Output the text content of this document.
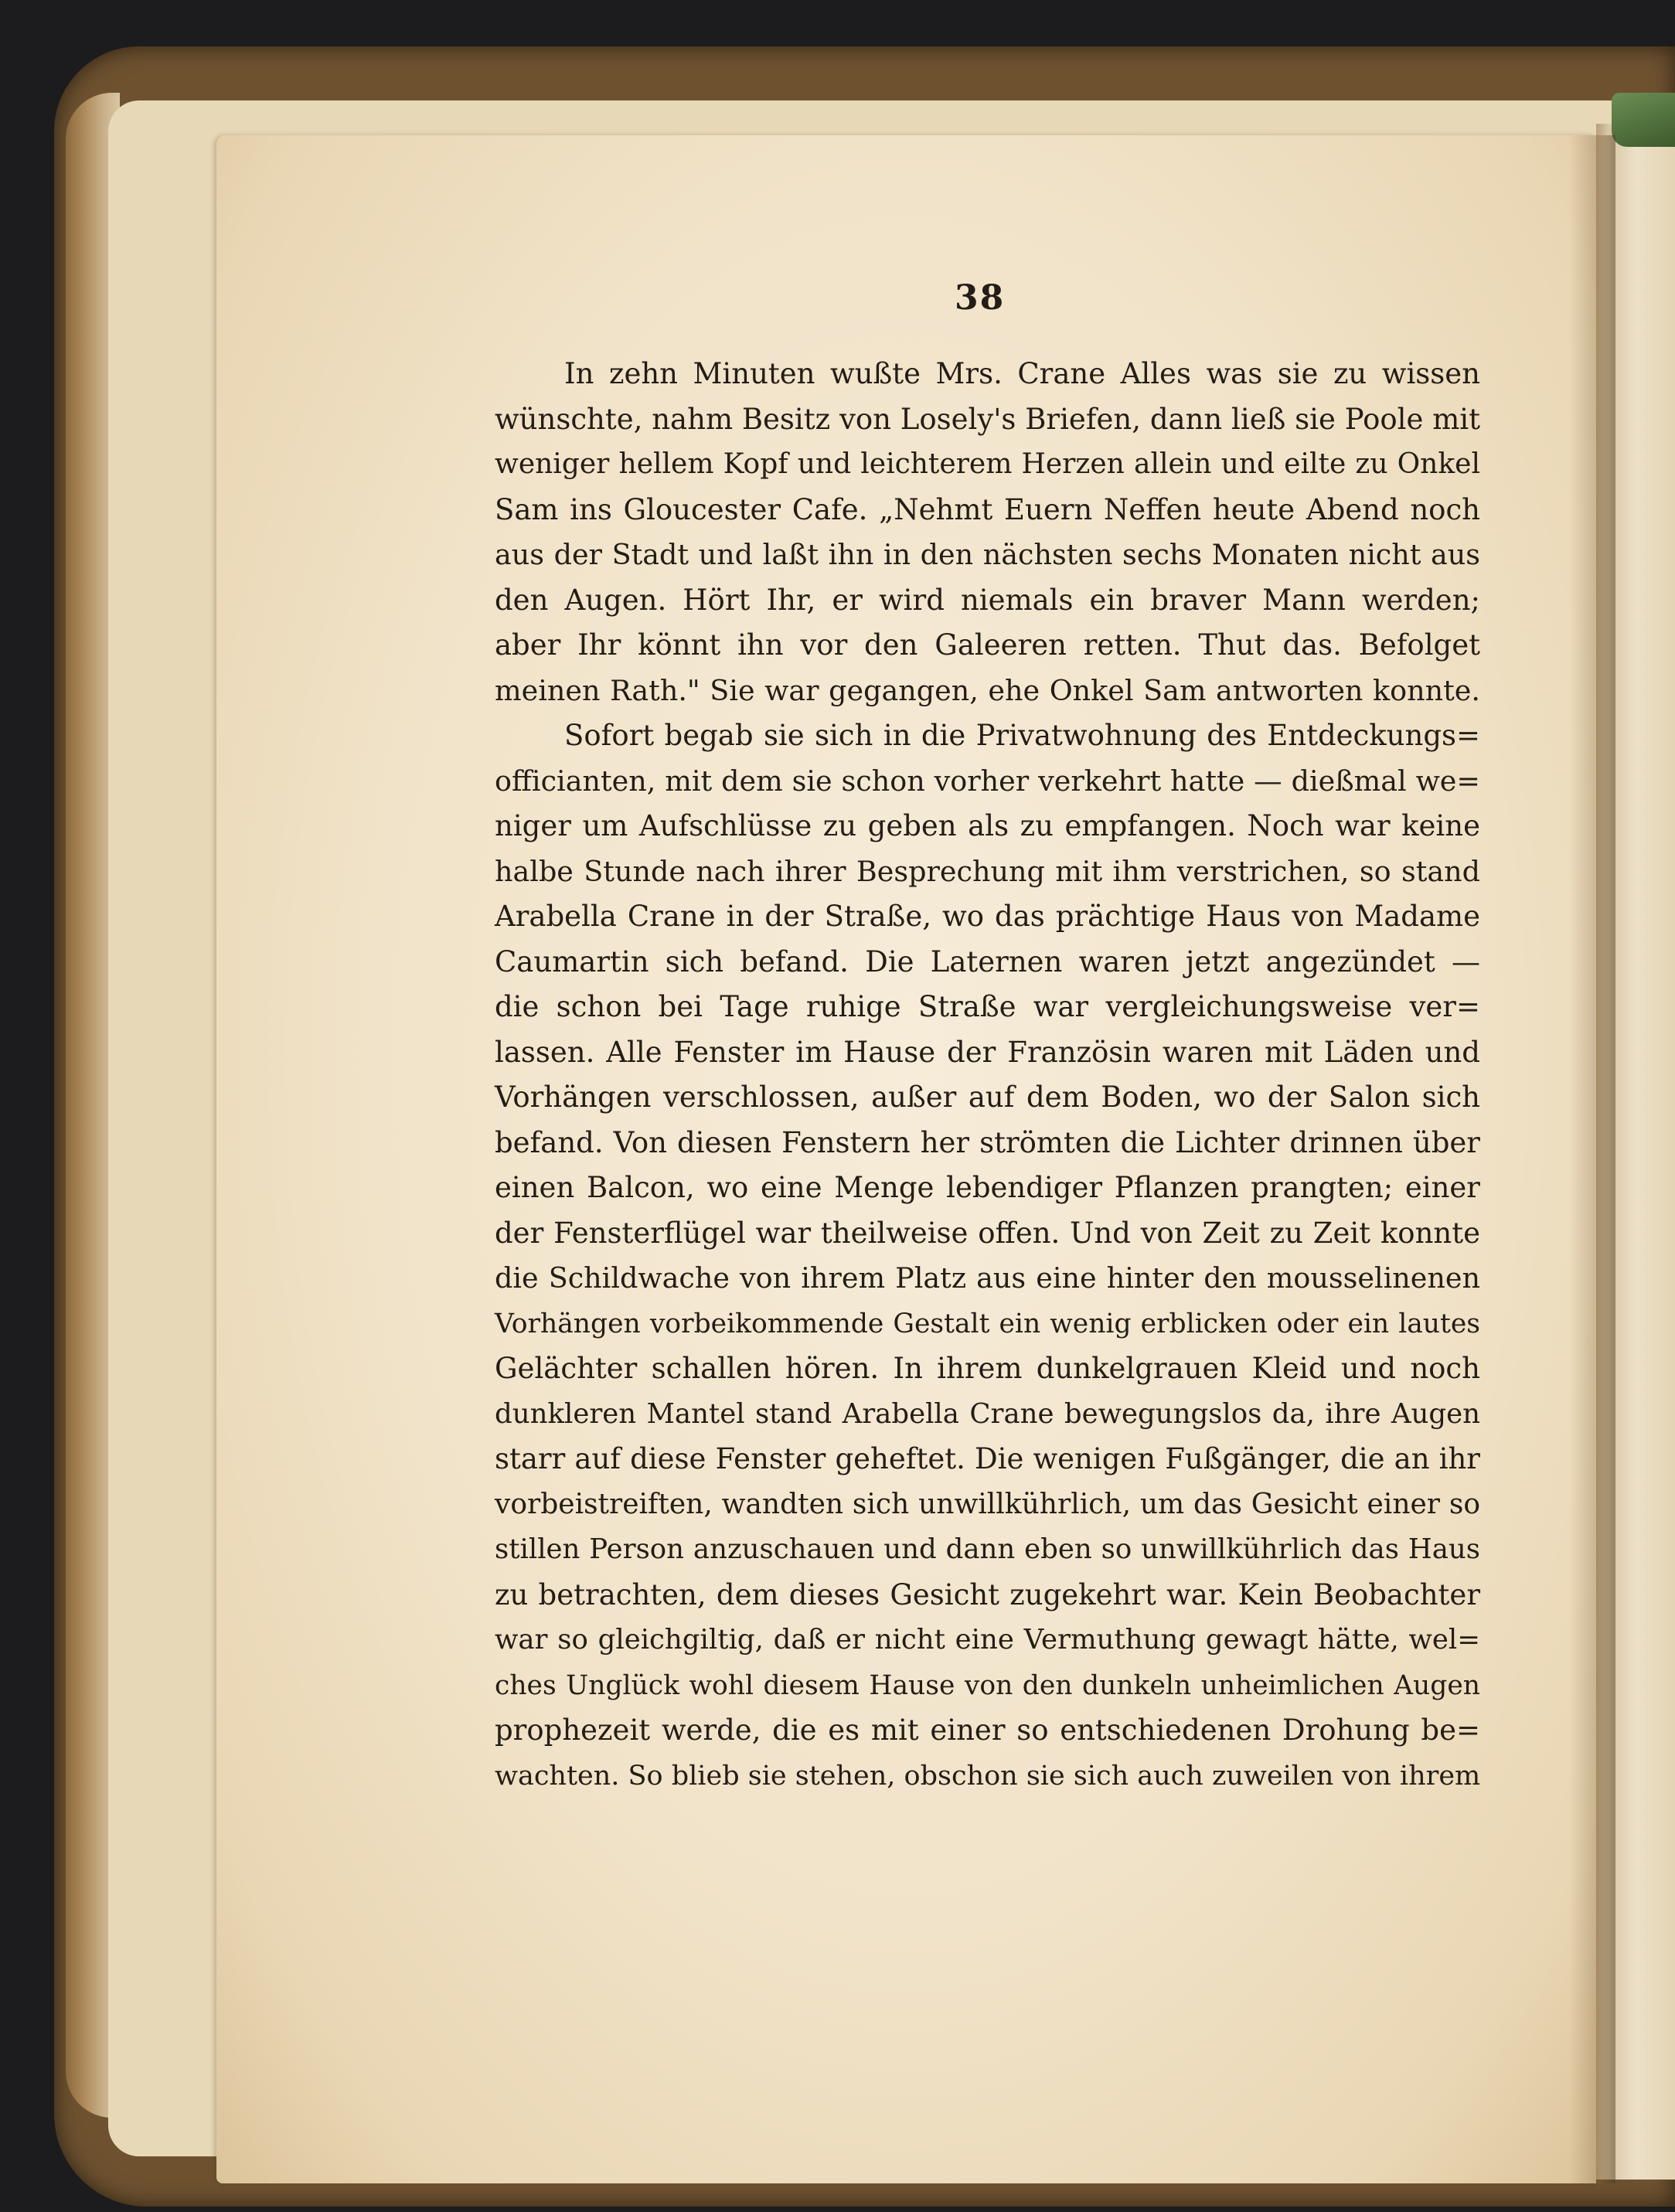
38
In zehn Minuten wußte Mrs. Crane Alles was sie zu wissen
wünschte, nahm Besitz von Losely's Briefen, dann ließ sie Poole mit
weniger hellem Kopf und leichterem Herzen allein und eilte zu Onkel
Sam ins Gloucester Cafe. „Nehmt Euern Neffen heute Abend noch
aus der Stadt und laßt ihn in den nächsten sechs Monaten nicht aus
den Augen. Hört Ihr, er wird niemals ein braver Mann werden;
aber Ihr könnt ihn vor den Galeeren retten. Thut das. Befolget
meinen Rath." Sie war gegangen, ehe Onkel Sam antworten konnte.
Sofort begab sie sich in die Privatwohnung des Entdeckungs=
officianten, mit dem sie schon vorher verkehrt hatte — dießmal we=
niger um Aufschlüsse zu geben als zu empfangen. Noch war keine
halbe Stunde nach ihrer Besprechung mit ihm verstrichen, so stand
Arabella Crane in der Straße, wo das prächtige Haus von Madame
Caumartin sich befand. Die Laternen waren jetzt angezündet —
die schon bei Tage ruhige Straße war vergleichungsweise ver=
lassen. Alle Fenster im Hause der Französin waren mit Läden und
Vorhängen verschlossen, außer auf dem Boden, wo der Salon sich
befand. Von diesen Fenstern her strömten die Lichter drinnen über
einen Balcon, wo eine Menge lebendiger Pflanzen prangten; einer
der Fensterflügel war theilweise offen. Und von Zeit zu Zeit konnte
die Schildwache von ihrem Platz aus eine hinter den mousselinenen
Vorhängen vorbeikommende Gestalt ein wenig erblicken oder ein lautes
Gelächter schallen hören. In ihrem dunkelgrauen Kleid und noch
dunkleren Mantel stand Arabella Crane bewegungslos da, ihre Augen
starr auf diese Fenster geheftet. Die wenigen Fußgänger, die an ihr
vorbeistreiften, wandten sich unwillkührlich, um das Gesicht einer so
stillen Person anzuschauen und dann eben so unwillkührlich das Haus
zu betrachten, dem dieses Gesicht zugekehrt war. Kein Beobachter
war so gleichgiltig, daß er nicht eine Vermuthung gewagt hätte, wel=
ches Unglück wohl diesem Hause von den dunkeln unheimlichen Augen
prophezeit werde, die es mit einer so entschiedenen Drohung be=
wachten. So blieb sie stehen, obschon sie sich auch zuweilen von ihrem
